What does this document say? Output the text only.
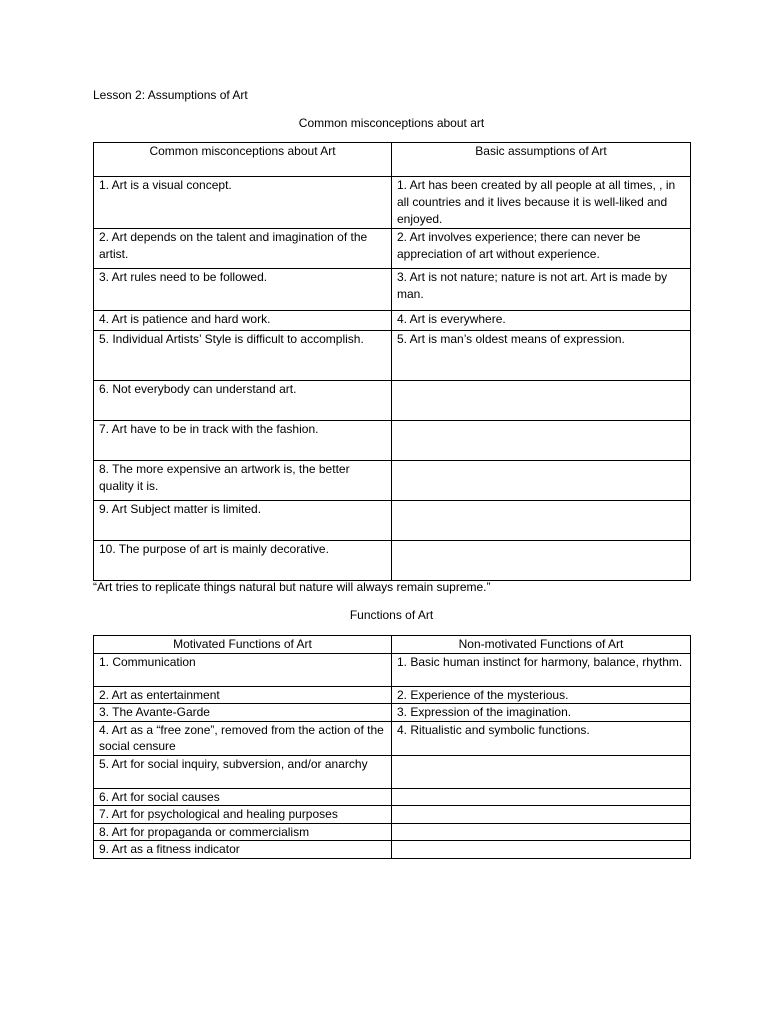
Lesson 2: Assumptions of Art
Common misconceptions about art
Common misconceptions about Art	Basic assumptions of Art
1. Art is a visual concept.	1. Art has been created by all people at all times, , in all countries and it lives because it is well-liked and enjoyed.
2. Art depends on the talent and imagination of the artist.	2. Art involves experience; there can never be appreciation of art without experience.
3. Art rules need to be followed.	3. Art is not nature; nature is not art. Art is made by man.
4. Art is patience and hard work.	4. Art is everywhere.
5. Individual Artists’ Style is difficult to accomplish.	5. Art is man’s oldest means of expression.
6. Not everybody can understand art.	
7. Art have to be in track with the fashion.	
8. The more expensive an artwork is, the better quality it is.	
9. Art Subject matter is limited.	
10. The purpose of art is mainly decorative.	
“Art tries to replicate things natural but nature will always remain supreme.”
Functions of Art
Motivated Functions of Art	Non-motivated Functions of Art
1. Communication	1. Basic human instinct for harmony, balance, rhythm.
2. Art as entertainment	2. Experience of the mysterious.
3. The Avante-Garde	3. Expression of the imagination.
4. Art as a “free zone”, removed from the action of the social censure	4. Ritualistic and symbolic functions.
5. Art for social inquiry, subversion, and/or anarchy	
6. Art for social causes	
7. Art for psychological and healing purposes	
8. Art for propaganda or commercialism	
9. Art as a fitness indicator	
